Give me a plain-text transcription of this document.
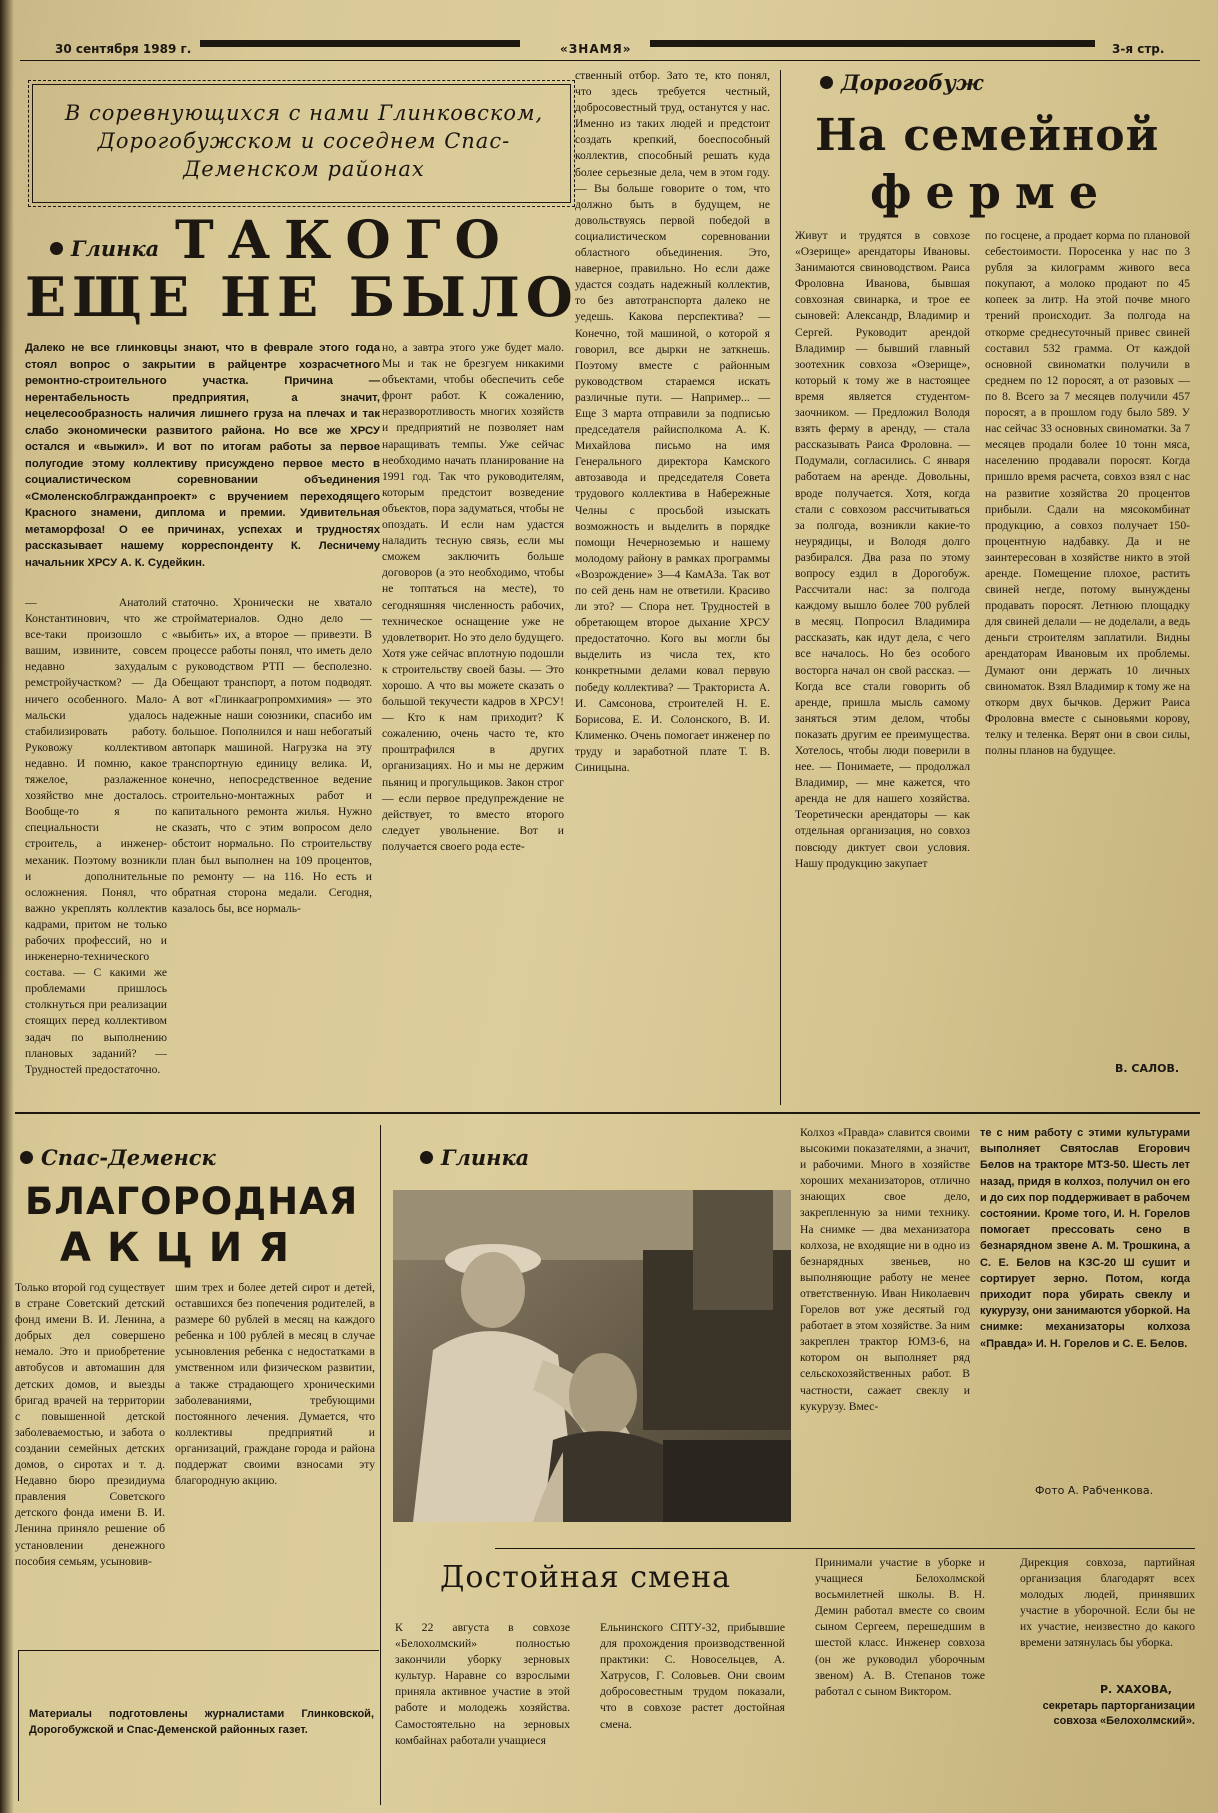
30 сентября 1989 г.	«ЗНАМЯ»	3-я стр.
В соревнующихся с нами Глинковском, Дорогобужском и соседнем Спас-Деменском районах
Глинка ТАКОГО
ЕЩЕ НЕ БЫЛО
Далеко не все глинковцы знают, что в феврале этого года стоял вопрос о закрытии в райцентре хозрасчетного ремонтно-строительного участка. Причина — нерентабельность предприятия, а значит, нецелесообразность наличия лишнего груза на плечах и так слабо экономически развитого района. Но все же ХРСУ остался и «выжил». И вот по итогам работы за первое полугодие этому коллективу присуждено первое место в социалистическом соревновании объединения «Смоленскоблгражданпроект» с вручением переходящего Красного знамени, диплома и премии. Удивительная метаморфоза! О ее причинах, успехах и трудностях рассказывает нашему корреспонденту К. Лесничему начальник ХРСУ А. К. Судейкин.
— Анатолий Константинович, что же все-таки произошло с вашим, извините, совсем недавно захудалым ремстройучастком? — Да ничего особенного. Мало-мальски удалось стабилизировать работу. Руковожу коллективом недавно. И помню, какое тяжелое, разлаженное хозяйство мне досталось. Вообще-то я по специальности не строитель, а инженер-механик. Поэтому возникли и дополнительные осложнения. Понял, что важно укреплять коллектив кадрами, притом не только рабочих профессий, но и инженерно-технического состава. — С какими же проблемами пришлось столкнуться при реализации стоящих перед коллективом задач по выполнению плановых заданий? — Трудностей предостаточно.
статочно. Хронически не хватало стройматериалов. Одно дело — «выбить» их, а второе — привезти. В процессе работы понял, что иметь дело с руководством РТП — бесполезно. Обещают транспорт, а потом подводят. А вот «Глинкаагропромхимия» — это надежные наши союзники, спасибо им большое. Пополнился и наш небогатый автопарк машиной. Нагрузка на эту транспортную единицу велика. И, конечно, непосредственное ведение строительно-монтажных работ и капитального ремонта жилья. Нужно сказать, что с этим вопросом дело обстоит нормально. По строительству план был выполнен на 109 процентов, по ремонту — на 116. Но есть и обратная сторона медали. Сегодня, казалось бы, все нормаль-
но, а завтра этого уже будет мало. Мы и так не брезгуем никакими объектами, чтобы обеспечить себе фронт работ. К сожалению, неразворотливость многих хозяйств и предприятий не позволяет нам наращивать темпы. Уже сейчас необходимо начать планирование на 1991 год. Так что руководителям, которым предстоит возведение объектов, пора задуматься, чтобы не опоздать. И если нам удастся наладить тесную связь, если мы сможем заключить больше договоров (а это необходимо, чтобы не топтаться на месте), то сегодняшняя численность рабочих, техническое оснащение уже не удовлетворит. Но это дело будущего. Хотя уже сейчас вплотную подошли к строительству своей базы. — Это хорошо. А что вы можете сказать о большой текучести кадров в ХРСУ! — Кто к нам приходит? К сожалению, очень часто те, кто проштрафился в других организациях. Но и мы не держим пьяниц и прогульщиков. Закон строг — если первое предупреждение не действует, то вместо второго следует увольнение. Вот и получается своего рода есте-
ственный отбор. Зато те, кто понял, что здесь требуется честный, добросовестный труд, останутся у нас. Именно из таких людей и предстоит создать крепкий, боеспособный коллектив, способный решать куда более серьезные дела, чем в этом году. — Вы больше говорите о том, что должно быть в будущем, не довольствуясь первой победой в социалистическом соревновании областного объединения. Это, наверное, правильно. Но если даже удастся создать надежный коллектив, то без автотранспорта далеко не уедешь. Какова перспектива? — Конечно, той машиной, о которой я говорил, все дырки не заткнешь. Поэтому вместе с районным руководством стараемся искать различные пути. — Например... — Еще 3 марта отправили за подписью председателя райисполкома А. К. Михайлова письмо на имя Генерального директора Камского автозавода и председателя Совета трудового коллектива в Набережные Челны с просьбой изыскать возможность и выделить в порядке помощи Нечерноземью и нашему молодому району в рамках программы «Возрождение» 3—4 КамАЗа. Так вот по сей день нам не ответили. Красиво ли это? — Спора нет. Трудностей в обретающем второе дыхание ХРСУ предостаточно. Кого вы могли бы выделить из числа тех, кто конкретными делами ковал первую победу коллектива? — Тракториста А. И. Самсонова, строителей Н. Е. Борисова, Е. И. Солонского, В. И. Клименко. Очень помогает инженер по труду и заработной плате Т. В. Синицына.
Дорогобуж
На семейной
ферме
Живут и трудятся в совхозе «Озерище» арендаторы Ивановы. Занимаются свиноводством. Раиса Фроловна Иванова, бывшая совхозная свинарка, и трое ее сыновей: Александр, Владимир и Сергей. Руководит арендой Владимир — бывший главный зоотехник совхоза «Озерище», который к тому же в настоящее время является студентом-заочником. — Предложил Володя взять ферму в аренду, — стала рассказывать Раиса Фроловна. — Подумали, согласились. С января работаем на аренде. Довольны, вроде получается. Хотя, когда стали с совхозом рассчитываться за полгода, возникли какие-то неурядицы, и Володя долго разбирался. Два раза по этому вопросу ездил в Дорогобуж. Рассчитали нас: за полгода каждому вышло более 700 рублей в месяц. Попросил Владимира рассказать, как идут дела, с чего все началось. Но без особого восторга начал он свой рассказ. — Когда все стали говорить об аренде, пришла мысль самому заняться этим делом, чтобы показать другим ее преимущества. Хотелось, чтобы люди поверили в нее. — Понимаете, — продолжал Владимир, — мне кажется, что аренда не для нашего хозяйства. Теоретически арендаторы — как отдельная организация, но совхоз повсюду диктует свои условия. Нашу продукцию закупает
по госцене, а продает корма по плановой себестоимости. Поросенка у нас по 3 рубля за килограмм живого веса покупают, а молоко продают по 45 копеек за литр. На этой почве много трений происходит. За полгода на откорме среднесуточный привес свиней составил 532 грамма. От каждой основной свиноматки получили в среднем по 12 поросят, а от разовых — по 8. Всего за 7 месяцев получили 457 поросят, а в прошлом году было 589. У нас сейчас 33 основных свиноматки. За 7 месяцев продали более 10 тонн мяса, населению продавали поросят. Когда пришло время расчета, совхоз взял с нас на развитие хозяйства 20 процентов прибыли. Сдали на мясокомбинат продукцию, а совхоз получает 150-процентную надбавку. Да и не заинтересован в хозяйстве никто в этой аренде. Помещение плохое, растить свиней негде, потому вынуждены продавать поросят. Летнюю площадку для свиней делали — не доделали, а ведь деньги строителям заплатили. Видны арендаторам Ивановым их проблемы. Думают они держать 10 личных свиноматок. Взял Владимир к тому же на откорм двух бычков. Держит Раиса Фроловна вместе с сыновьями корову, телку и теленка. Верят они в свои силы, полны планов на будущее.
В. САЛОВ.
Спас-Деменск
БЛАГОРОДНАЯ
АКЦИЯ
Только второй год существует в стране Советский детский фонд имени В. И. Ленина, а добрых дел совершено немало. Это и приобретение автобусов и автомашин для детских домов, и выезды бригад врачей на территории с повышенной детской заболеваемостью, и забота о создании семейных детских домов, о сиротах и т. д. Недавно бюро президиума правления Советского детского фонда имени В. И. Ленина приняло решение об установлении денежного пособия семьям, усыновив-
шим трех и более детей сирот и детей, оставшихся без попечения родителей, в размере 60 рублей в месяц на каждого ребенка и 100 рублей в месяц в случае усыновления ребенка с недостатками в умственном или физическом развитии, а также страдающего хроническими заболеваниями, требующими постоянного лечения. Думается, что коллективы предприятий и организаций, граждане города и района поддержат своими взносами эту благородную акцию.
Материалы подготовлены журналистами Глинковской, Дорогобужской и Спас-Деменской районных газет.
Глинка
Колхоз «Правда» славится своими высокими показателями, а значит, и рабочими. Много в хозяйстве хороших механизаторов, отлично знающих свое дело, закрепленную за ними технику. На снимке — два механизатора колхоза, не входящие ни в одно из безнарядных звеньев, но выполняющие работу не менее ответственную. Иван Николаевич Горелов вот уже десятый год работает в этом хозяйстве. За ним закреплен трактор ЮМЗ-6, на котором он выполняет ряд сельскохозяйственных работ. В частности, сажает свеклу и кукурузу. Вмес-
те с ним работу с этими культурами выполняет Святослав Егорович Белов на тракторе МТЗ-50. Шесть лет назад, придя в колхоз, получил он его и до сих пор поддерживает в рабочем состоянии. Кроме того, И. Н. Горелов помогает прессовать сено в безнарядном звене А. М. Трошкина, а С. Е. Белов на КЗС-20 Ш сушит и сортирует зерно. Потом, когда приходит пора убирать свеклу и кукурузу, они занимаются уборкой. На снимке: механизаторы колхоза «Правда» И. Н. Горелов и С. Е. Белов.
Фото А. Рабченкова.
Достойная смена
К 22 августа в совхозе «Белохолмский» полностью закончили уборку зерновых культур. Наравне со взрослыми приняла активное участие в этой работе и молодежь хозяйства. Самостоятельно на зерновых комбайнах работали учащиеся
Ельнинского СПТУ-32, прибывшие для прохождения производственной практики: С. Новосельцев, А. Хатрусов, Г. Соловьев. Они своим добросовестным трудом показали, что в совхозе растет достойная смена.
Принимали участие в уборке и учащиеся Белохолмской восьмилетней школы. В. Н. Демин работал вместе со своим сыном Сергеем, перешедшим в шестой класс. Инженер совхоза (он же руководил уборочным звеном) А. В. Степанов тоже работал с сыном Виктором.
Дирекция совхоза, партийная организация благодарят всех молодых людей, принявших участие в уборочной. Если бы не их участие, неизвестно до какого времени затянулась бы уборка.
Р. ХАХОВА,
секретарь парторганизации совхоза «Белохолмский».
